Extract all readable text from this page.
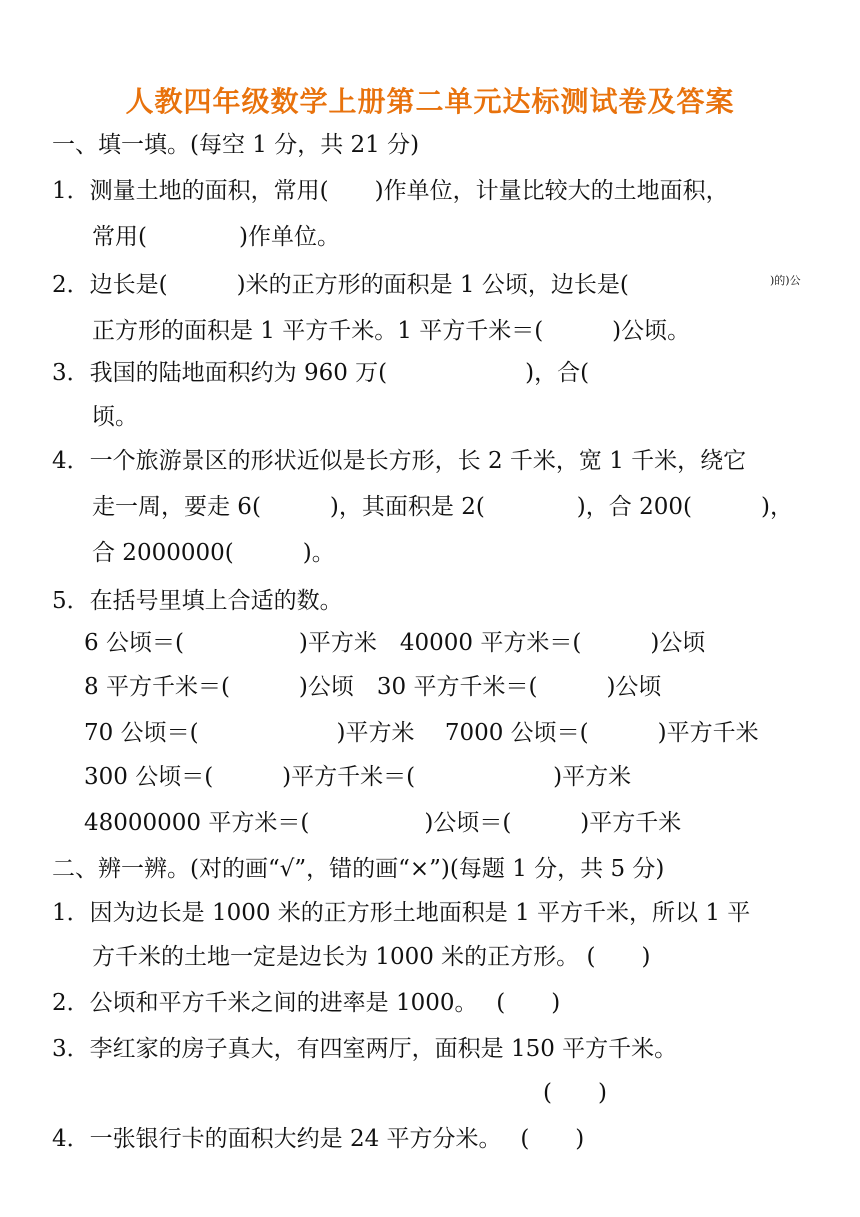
人教四年级数学上册第二单元达标测试卷及答案
一、填一填。(每空 1 分，共 21 分)
1．测量土地的面积，常用(　　)作单位，计量比较大的土地面积，
常用(　　　　)作单位。
2．边长是(　　　)米的正方形的面积是 1 公顷，边长是(	)的)公
正方形的面积是 1 平方千米。1 平方千米＝(　　　)公顷。
3．我国的陆地面积约为 960 万(　　　　　　)，合(
顷。
4．一个旅游景区的形状近似是长方形，长 2 千米，宽 1 千米，绕它
走一周，要走 6(　　　)，其面积是 2(　　　　)，合 200(　　　)，
合 2000000(　　　)。
5．在括号里填上合适的数。
6 公顷＝(　　　　　)平方米　40000 平方米＝(　　　)公顷
8 平方千米＝(　　　)公顷　30 平方千米＝(　　　)公顷
70 公顷＝(　　　　　　)平方米　 7000 公顷＝(　　　)平方千米
300 公顷＝(　　　)平方千米＝(　　　　　　)平方米
48000000 平方米＝(　　　　　)公顷＝(　　　)平方千米
二、辨一辨。(对的画“√”，错的画“×”)(每题 1 分，共 5 分)
1．因为边长是 1000 米的正方形土地面积是 1 平方千米，所以 1 平
方千米的土地一定是边长为 1000 米的正方形。 (　　)
2．公顷和平方千米之间的进率是 1000。　 (　　)
3．李红家的房子真大，有四室两厅，面积是 150 平方千米。
(　　)
4．一张银行卡的面积大约是 24 平方分米。　 (　　)
